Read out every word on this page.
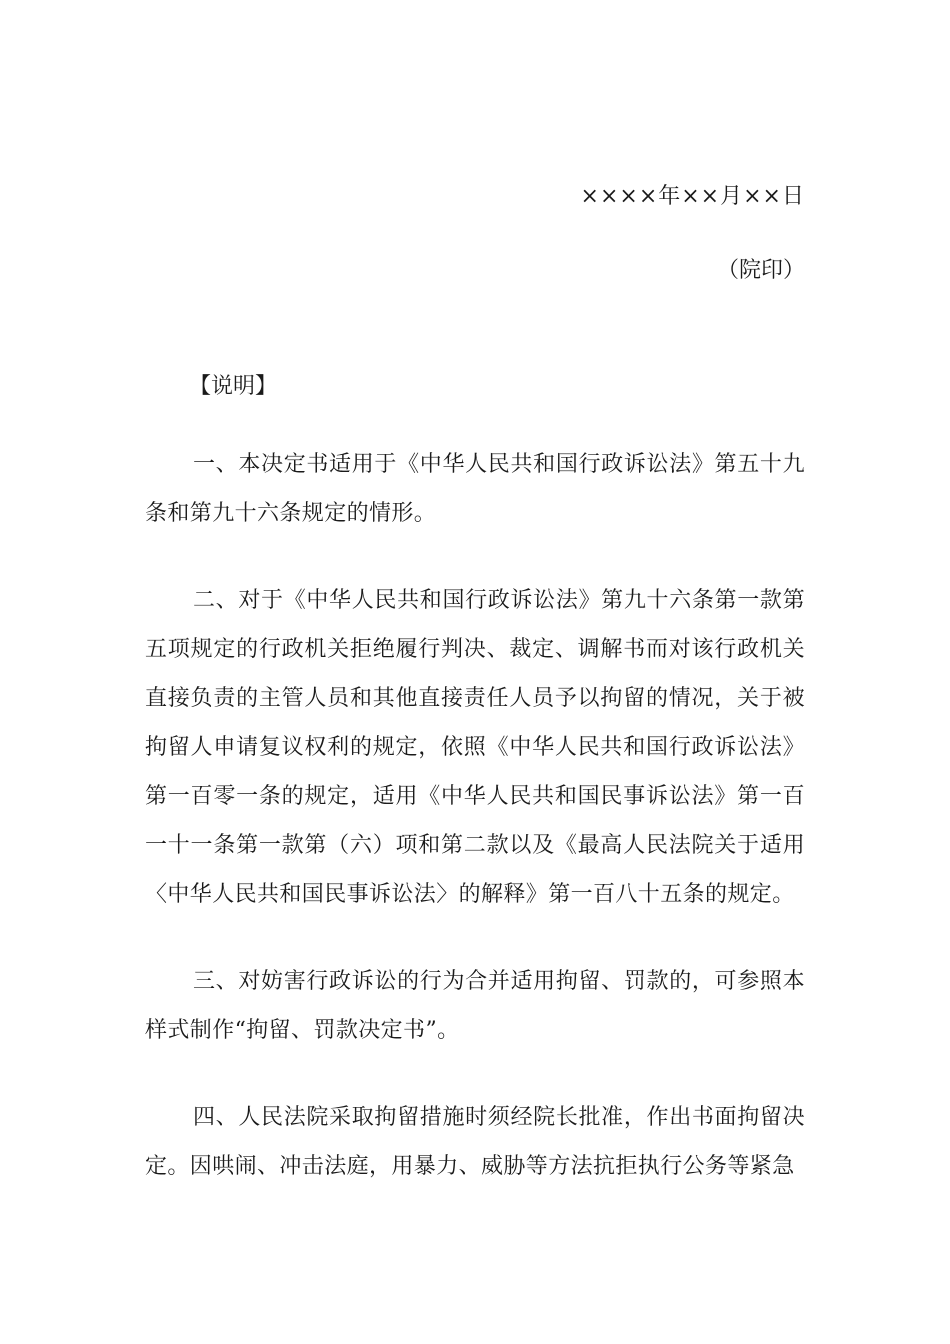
××××年××月××日
（院印）
【说明】

一、本决定书适用于《中华人民共和国行政诉讼法》第五十九条和第九十六条规定的情形。

二、对于《中华人民共和国行政诉讼法》第九十六条第一款第五项规定的行政机关拒绝履行判决、裁定、调解书而对该行政机关直接负责的主管人员和其他直接责任人员予以拘留的情况，关于被拘留人申请复议权利的规定，依照《中华人民共和国行政诉讼法》第一百零一条的规定，适用《中华人民共和国民事诉讼法》第一百一十一条第一款第（六）项和第二款以及《最高人民法院关于适用〈中华人民共和国民事诉讼法〉的解释》第一百八十五条的规定。

三、对妨害行政诉讼的行为合并适用拘留、罚款的，可参照本样式制作“拘留、罚款决定书”。

四、人民法院采取拘留措施时须经院长批准，作出书面拘留决定。因哄闹、冲击法庭，用暴力、威胁等方法抗拒执行公务等紧急
